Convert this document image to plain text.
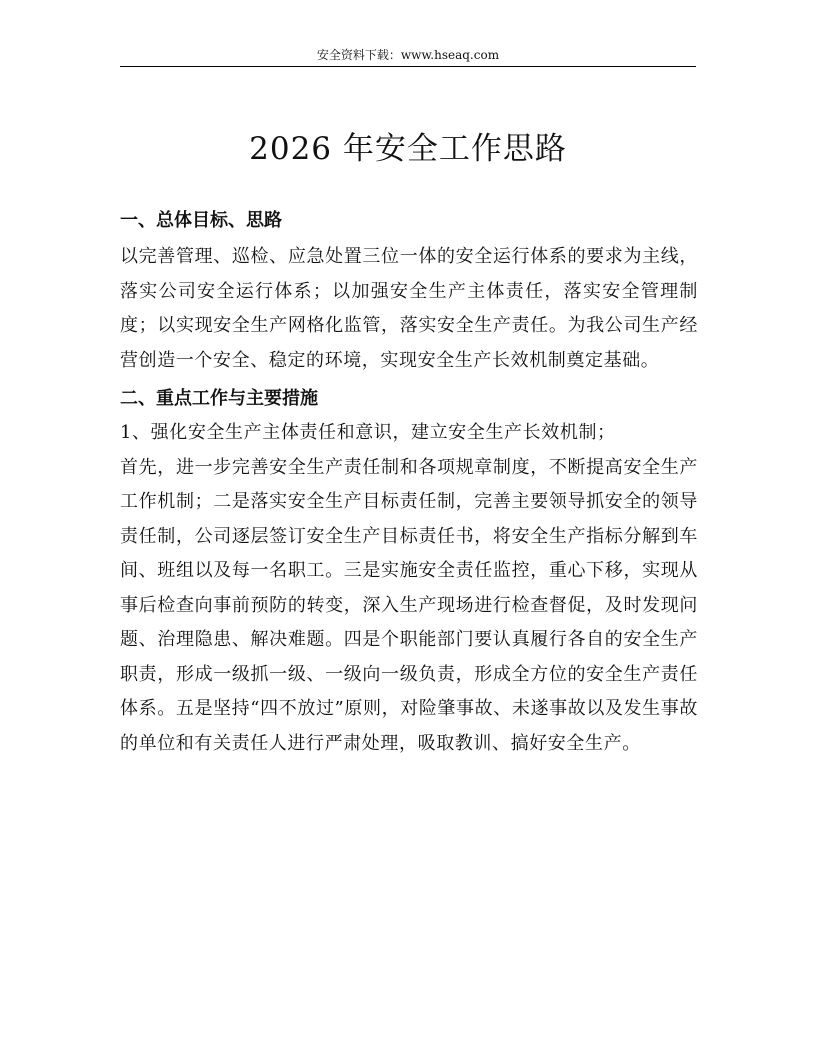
安全资料下载：www.hseaq.com
2026 年安全工作思路

一、总体目标、思路

以完善管理、巡检、应急处置三位一体的安全运行体系的要求为主线，落实公司安全运行体系；以加强安全生产主体责任，落实安全管理制度；以实现安全生产网格化监管，落实安全生产责任。为我公司生产经营创造一个安全、稳定的环境，实现安全生产长效机制奠定基础。

二、重点工作与主要措施

1、强化安全生产主体责任和意识，建立安全生产长效机制；

首先，进一步完善安全生产责任制和各项规章制度，不断提高安全生产工作机制；二是落实安全生产目标责任制，完善主要领导抓安全的领导责任制，公司逐层签订安全生产目标责任书，将安全生产指标分解到车间、班组以及每一名职工。三是实施安全责任监控，重心下移，实现从事后检查向事前预防的转变，深入生产现场进行检查督促，及时发现问题、治理隐患、解决难题。四是个职能部门要认真履行各自的安全生产职责，形成一级抓一级、一级向一级负责，形成全方位的安全生产责任体系。五是坚持“四不放过”原则，对险肇事故、未遂事故以及发生事故的单位和有关责任人进行严肃处理，吸取教训、搞好安全生产。
